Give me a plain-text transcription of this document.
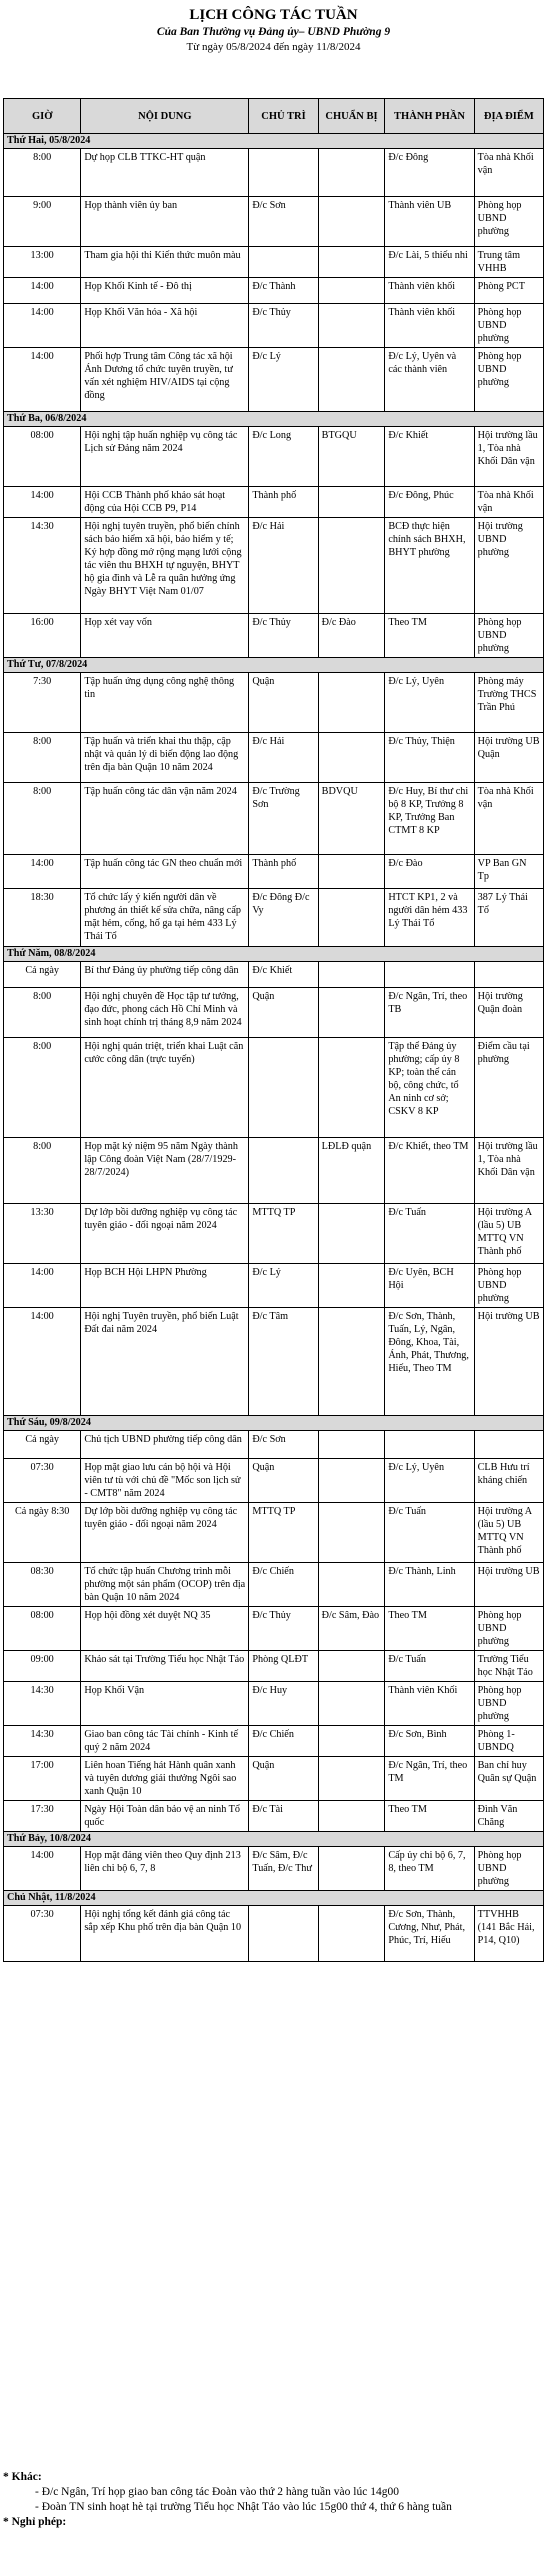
LỊCH CÔNG TÁC TUẦN
Của Ban Thường vụ Đảng ủy– UBND Phường 9
Từ ngày 05/8/2024 đến ngày 11/8/2024
GIỜ	NỘI DUNG	CHỦ TRÌ	CHUẨN BỊ	THÀNH PHẦN	ĐỊA ĐIỂM
Thứ Hai, 05/8/2024					
8:00	Dự họp CLB TTKC-HT quận			Đ/c Đông	Tòa nhà Khối vận
9:00	Họp thành viên ủy ban	Đ/c Sơn		Thành viên UB	Phòng họp UBND phường
13:00	Tham gia hội thi Kiến thức muôn màu			Đ/c Lài, 5 thiếu nhi	Trung tâm VHHB
14:00	Họp Khối Kinh tế - Đô thị	Đ/c Thành		Thành viên khối	Phòng PCT
14:00	Họp Khối Văn hóa - Xã hội	Đ/c Thủy		Thành viên khối	Phòng họp UBND phường
14:00	Phối hợp Trung tâm Công tác xã hội Ánh Dương tổ chức tuyên truyền, tư vấn xét nghiệm HIV/AIDS tại cộng đồng	Đ/c Lý		Đ/c Lý, Uyên và các thành viên	Phòng họp UBND phường
Thứ Ba, 06/8/2024					
08:00	Hội nghị tập huấn nghiệp vụ công tác Lịch sử Đảng năm 2024	Đ/c Long	BTGQU	Đ/c Khiết	Hội trường lầu 1, Tòa nhà Khối Dân vận
14:00	Hội CCB Thành phố khảo sát hoạt động của Hội CCB P9, P14	Thành phố		Đ/c Đông, Phúc	Tòa nhà Khối vận
14:30	Hội nghị tuyên truyền, phổ biến chính sách bảo hiểm xã hội, bảo hiểm y tế; Ký hợp đồng mở rộng mạng lưới cộng tác viên thu BHXH tự nguyện, BHYT hộ gia đình và Lễ ra quân hưởng ứng Ngày BHYT Việt Nam 01/07	Đ/c Hải		BCĐ thực hiện chính sách BHXH, BHYT phường	Hội trường UBND phường
16:00	Họp xét vay vốn	Đ/c Thủy	Đ/c Đào	Theo TM	Phòng họp UBND phường
Thứ Tư, 07/8/2024					
7:30	Tập huấn ứng dụng công nghệ thông tin	Quận		Đ/c Lý, Uyên	Phòng máy Trường THCS Trần Phú
8:00	Tập huấn và triển khai thu thập, cập nhật và quản lý di biến động lao động trên địa bàn Quận 10 năm 2024	Đ/c Hải		Đ/c Thủy, Thiện	Hội trường UB Quận
8:00	Tập huấn công tác dân vận năm 2024	Đ/c Trường Sơn	BDVQU	Đ/c Huy, Bí thư chi bộ 8 KP, Trưởng 8 KP, Trưởng Ban CTMT 8 KP	Tòa nhà Khối vận
14:00	Tập huấn công tác GN theo chuẩn mới	Thành phố		Đ/c Đào	VP Ban GN Tp
18:30	Tổ chức lấy ý kiến người dân về phương án thiết kế sửa chữa, nâng cấp mặt hẻm, cống, hố ga tại hẻm 433 Lý Thái Tổ	Đ/c Đông Đ/c Vy		HTCT KP1, 2 và người dân hẻm 433 Lý Thái Tổ	387 Lý Thái Tổ
Thứ Năm, 08/8/2024					
Cả ngày	Bí thư Đảng ủy phường tiếp công dân	Đ/c Khiết			
8:00	Hội nghị chuyên đề Học tập tư tưởng, đạo đức, phong cách Hồ Chí Minh và sinh hoạt chính trị tháng 8,9 năm 2024	Quận		Đ/c Ngân, Trí, theo TB	Hội trường Quận đoàn
8:00	Hội nghị quán triệt, triển khai Luật căn cước công dân (trực tuyến)			Tập thể Đảng ủy phường; cấp ủy 8 KP; toàn thể cán bộ, công chức, tổ An ninh cơ sở; CSKV 8 KP	Điểm cầu tại phường
8:00	Họp mặt kỷ niệm 95 năm Ngày thành lập Công đoàn Việt Nam (28/7/1929-28/7/2024)		LĐLĐ quận	Đ/c Khiết, theo TM	Hội trường lầu 1, Tòa nhà Khối Dân vận
13:30	Dự lớp bồi dưỡng nghiệp vụ công tác tuyên giáo - đối ngoại năm 2024	MTTQ TP		Đ/c Tuấn	Hội trường A (lầu 5) UB MTTQ VN Thành phố
14:00	Họp BCH Hội LHPN Phường	Đ/c Lý		Đ/c Uyên, BCH Hội	Phòng họp UBND phường
14:00	Hội nghị Tuyên truyền, phổ biến Luật Đất đai năm 2024	Đ/c Tâm		Đ/c Sơn, Thành, Tuấn, Lý, Ngân, Đông, Khoa, Tài, Ánh, Phát, Thương, Hiếu, Theo TM	Hội trường UB
Thứ Sáu, 09/8/2024					
Cả ngày	Chủ tịch UBND phường tiếp công dân	Đ/c Sơn			
07:30	Họp mặt giao lưu cán bộ hội và Hội viên tư tù với chủ đề "Mốc son lịch sử - CMT8" năm 2024	Quận		Đ/c Lý, Uyên	CLB Hưu trí kháng chiến
Cả ngày 8:30	Dự lớp bồi dưỡng nghiệp vụ công tác tuyên giáo - đối ngoại năm 2024	MTTQ TP		Đ/c Tuấn	Hội trường A (lầu 5) UB MTTQ VN Thành phố
08:30	Tổ chức tập huấn Chương trình mỗi phường một sản phẩm (OCOP) trên địa bàn Quận 10 năm 2024	Đ/c Chiến		Đ/c Thành, Linh	Hội trường UB
08:00	Họp hội đồng xét duyệt NQ 35	Đ/c Thủy	Đ/c Sâm, Đào	Theo TM	Phòng họp UBND phường
09:00	Khảo sát tại Trường Tiểu học Nhật Tảo	Phòng QLĐT		Đ/c Tuấn	Trường Tiểu học Nhật Tảo
14:30	Họp Khối Vận	Đ/c Huy		Thành viên Khối	Phòng họp UBND phường
14:30	Giao ban công tác Tài chính - Kinh tế quý 2 năm 2024	Đ/c Chiến		Đ/c Sơn, Bình	Phòng 1-UBNDQ
17:00	Liên hoan Tiếng hát Hành quân xanh và tuyên dương giải thưởng Ngôi sao xanh Quận 10	Quận		Đ/c Ngân, Trí, theo TM	Ban chỉ huy Quân sự Quận
17:30	Ngày Hội Toàn dân bảo vệ an ninh Tổ quốc	Đ/c Tài		Theo TM	Đình Văn Chăng
Thứ Bảy, 10/8/2024					
14:00	Họp mặt đảng viên theo Quy định 213 liên chi bộ 6, 7, 8	Đ/c Sâm, Đ/c Tuấn, Đ/c Thư		Cấp ủy chi bộ 6, 7, 8, theo TM	Phòng họp UBND phường
Chủ Nhật, 11/8/2024					
07:30	Hội nghị tổng kết đánh giá công tác sắp xếp Khu phố trên địa bàn Quận 10			Đ/c Sơn, Thành, Cương, Như, Phát, Phúc, Trí, Hiếu	TTVHHB (141 Bắc Hải, P14, Q10)
* Khác:
- Đ/c Ngân, Trí họp giao ban công tác Đoàn vào thứ 2 hàng tuần vào lúc 14g00
- Đoàn TN sinh hoạt hè tại trường Tiểu học Nhật Tảo vào lúc 15g00 thứ 4, thứ 6 hàng tuần
* Nghỉ phép:
